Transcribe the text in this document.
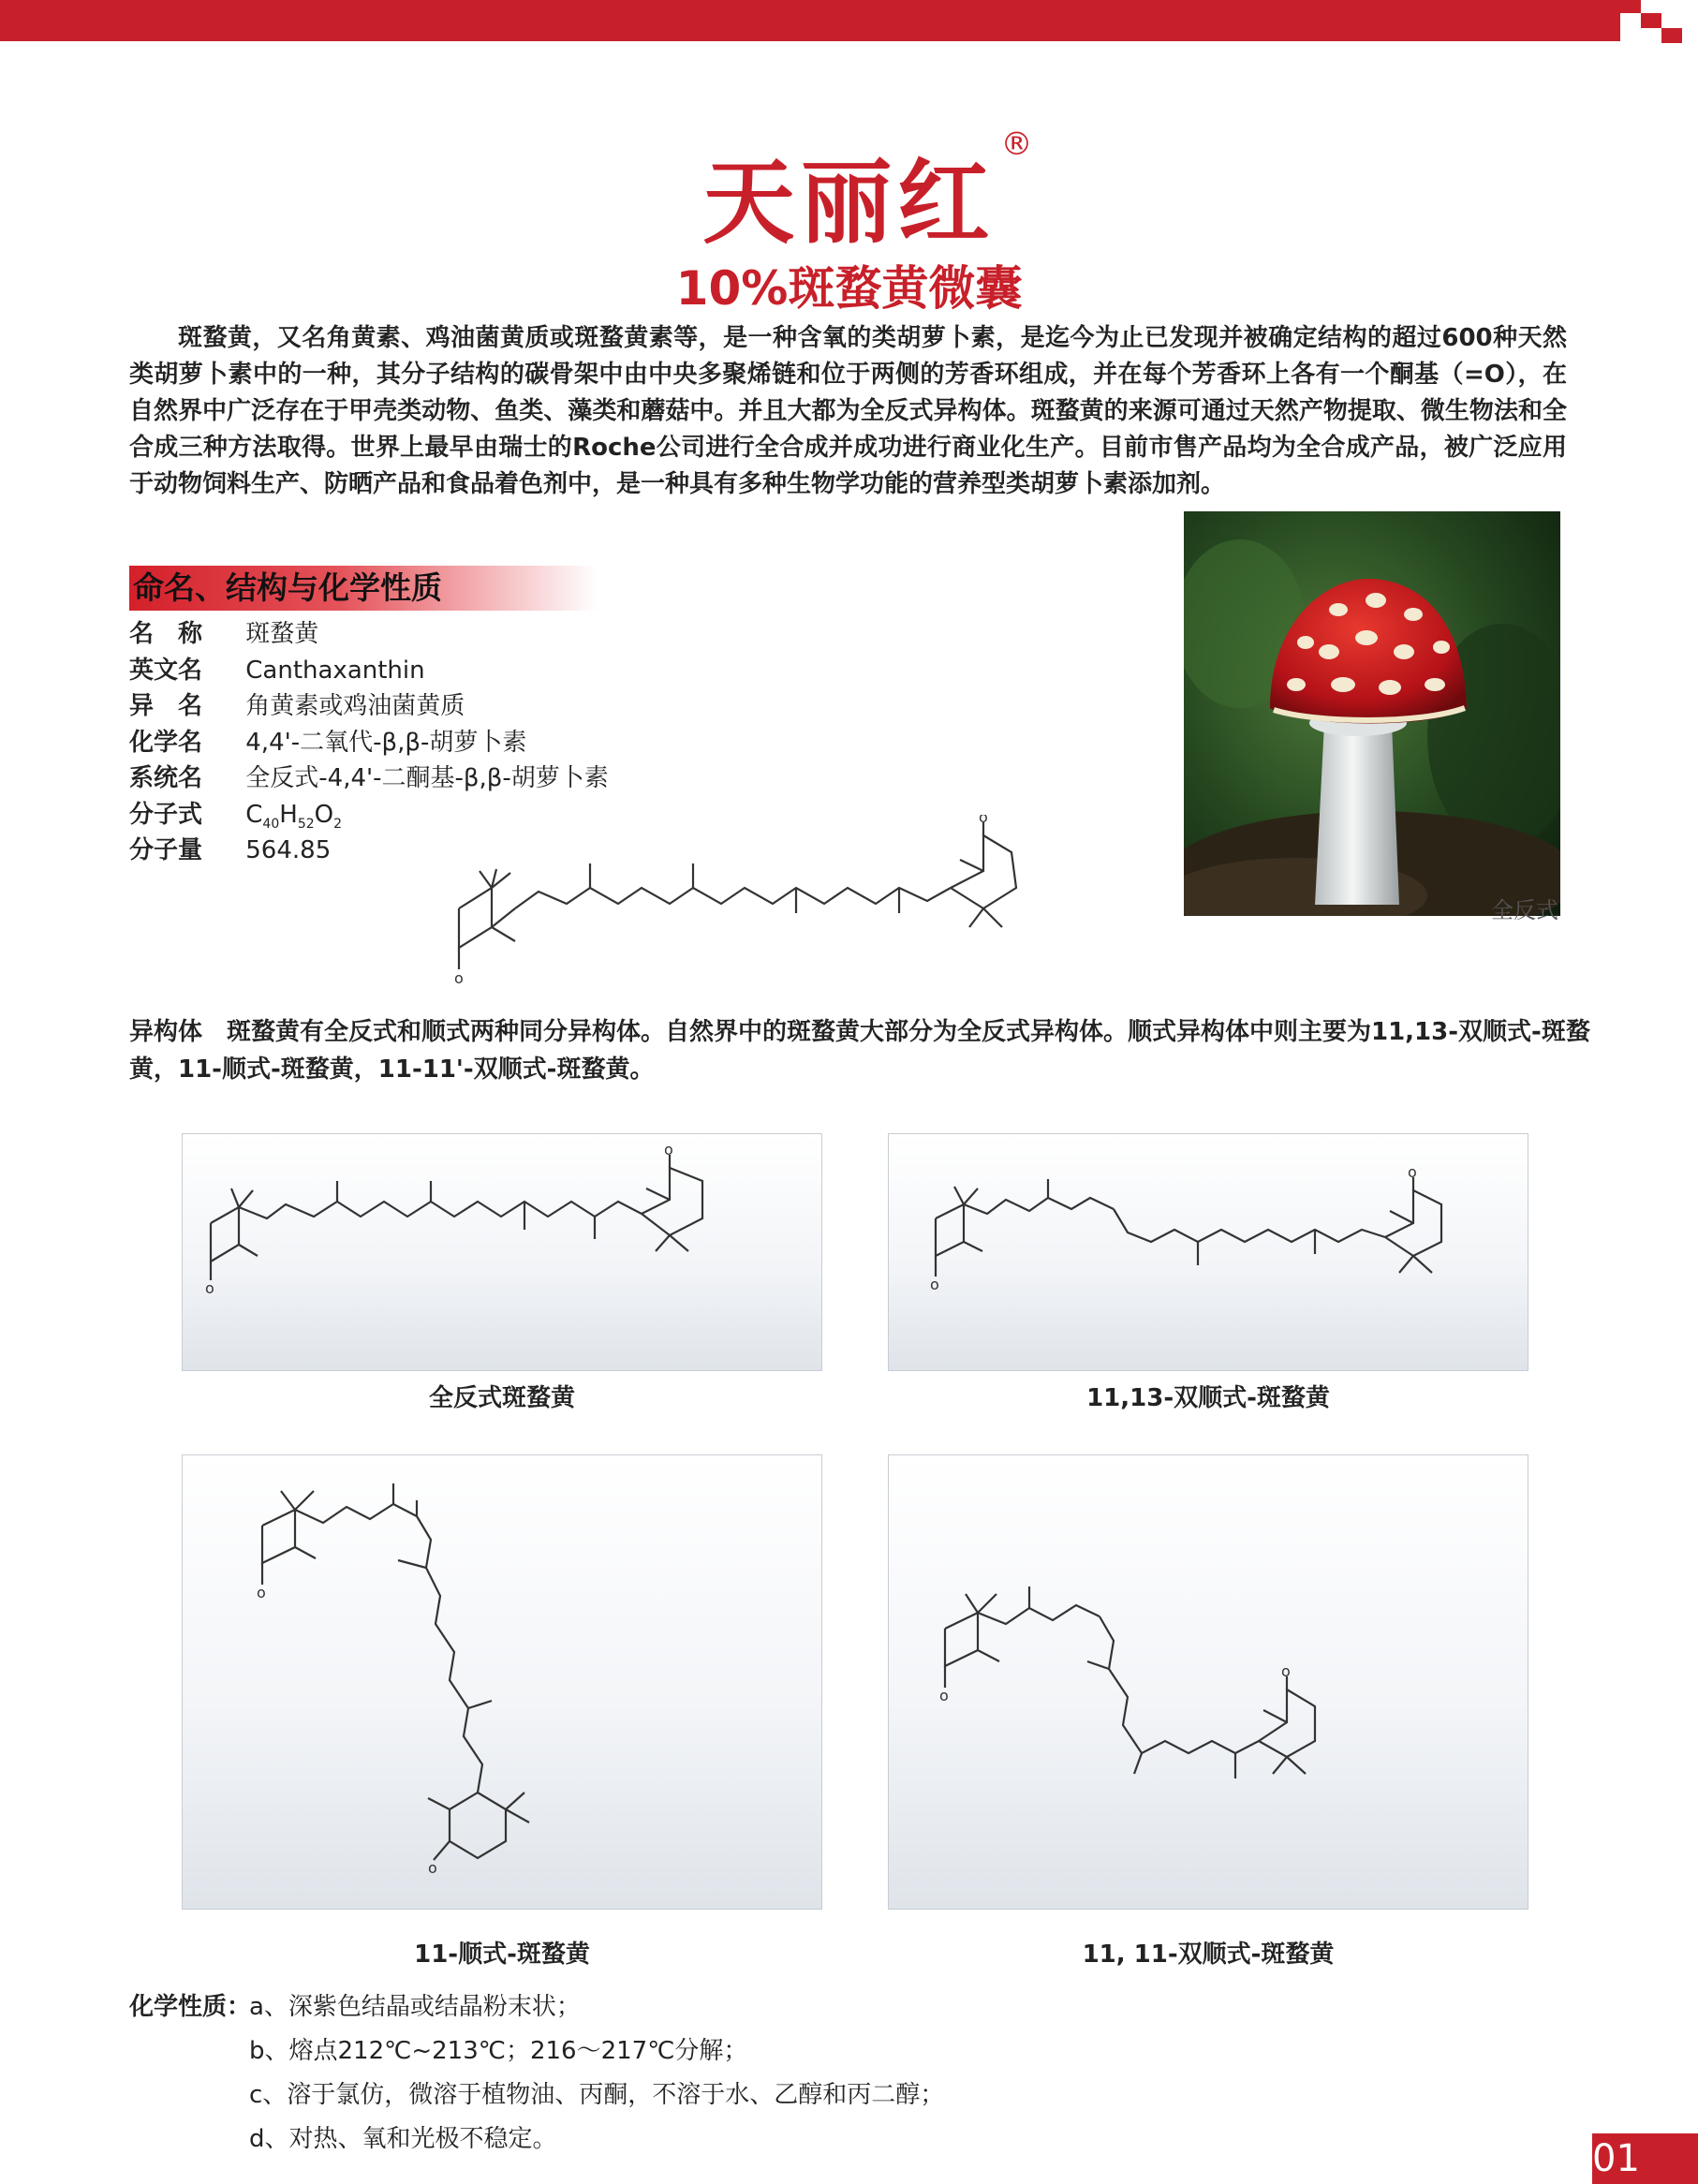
天丽红
®
10%斑蝥黄微囊

斑蝥黄，又名角黄素、鸡油菌黄质或斑蝥黄素等，是一种含氧的类胡萝卜素，是迄今为止已发现并被确定结构的超过600种天然类胡萝卜素中的一种，其分子结构的碳骨架中由中央多聚烯链和位于两侧的芳香环组成，并在每个芳香环上各有一个酮基（=O），在自然界中广泛存在于甲壳类动物、鱼类、藻类和蘑菇中。并且大都为全反式异构体。斑蝥黄的来源可通过天然产物提取、微生物法和全合成三种方法取得。世界上最早由瑞士的Roche公司进行全合成并成功进行商业化生产。目前市售产品均为全合成产品，被广泛应用于动物饲料生产、防晒产品和食品着色剂中，是一种具有多种生物学功能的营养型类胡萝卜素添加剂。

全反式
命名、结构与化学性质
名　称 斑蝥黄
英文名 Canthaxanthin
异　名 角黄素或鸡油菌黄质
化学名 4,4'-二氧代-β,β-胡萝卜素
系统名 全反式-4,4'-二酮基-β,β-胡萝卜素
分子式 $C_{40}H_{52}O_2$
分子量 564.85
o
o
异构体　斑蝥黄有全反式和顺式两种同分异构体。自然界中的斑蝥黄大部分为全反式异构体。顺式异构体中则主要为11,13-双顺式-斑蝥黄，11-顺式-斑蝥黄，11-11'-双顺式-斑蝥黄。
o
o
全反式斑蝥黄
o
o
11,13-双顺式-斑蝥黄
o
o
11-顺式-斑蝥黄
o
o
11, 11-双顺式-斑蝥黄
化学性质：a、深紫色结晶或结晶粉末状；
b、熔点212℃~213℃；216～217℃分解；
c、溶于氯仿，微溶于植物油、丙酮，不溶于水、乙醇和丙二醇；
d、对热、氧和光极不稳定。	01
